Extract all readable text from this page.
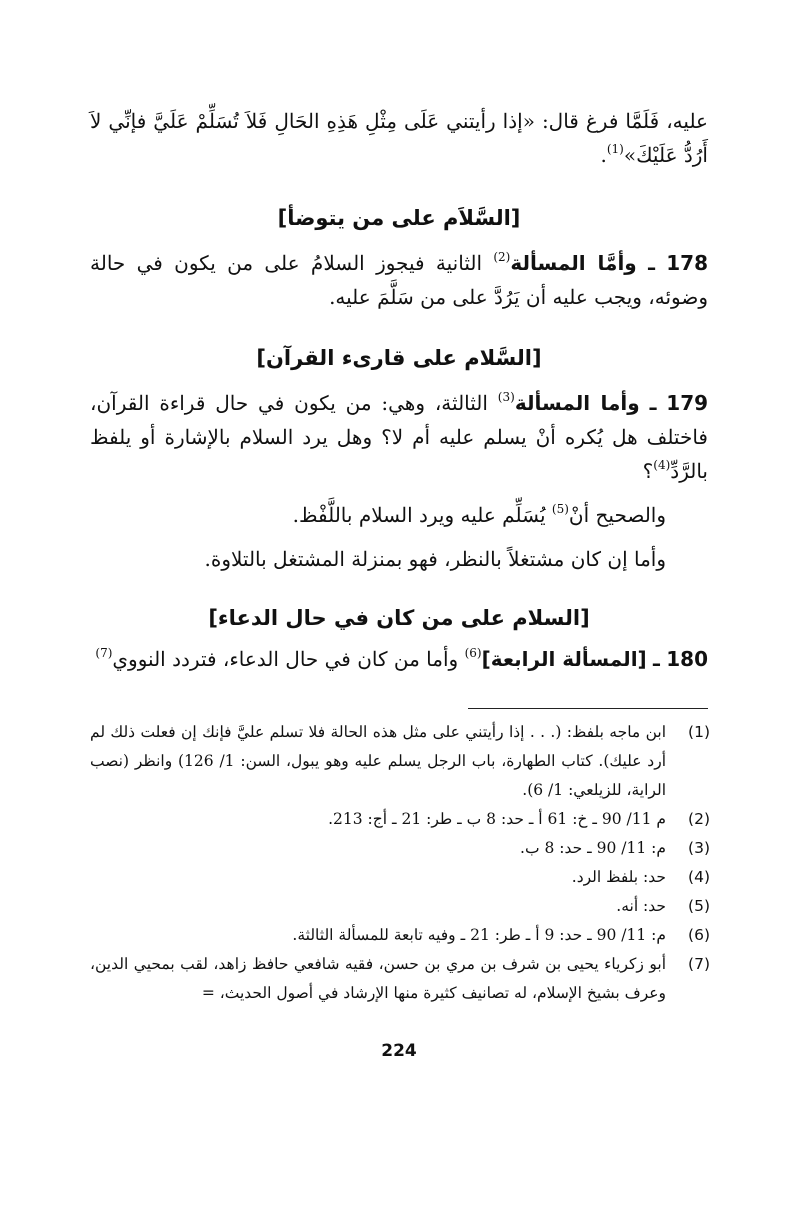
عليه، فَلَمَّا فرغ قال: «إذا رأيتني عَلَى مِثْلِ هَذِهِ الحَالِ فَلاَ تُسَلِّمْ عَلَيَّ فإنِّي لاَ أَرُدُّ عَلَيْكَ»$^{(1)}$.

[السَّلاَم على من يتوضأ]

178 ـ وأمَّا المسألة$^{(2)}$ الثانية فيجوز السلامُ على من يكون في حالة وضوئه، ويجب عليه أن يَرُدَّ على من سَلَّمَ عليه.

[السَّلام على قارىء القرآن]

179 ـ وأما المسألة$^{(3)}$ الثالثة، وهي: من يكون في حال قراءة القرآن، فاختلف هل يُكره أنْ يسلم عليه أم لا؟ وهل يرد السلام بالإشارة أو يلفظ بالرَّدِّ$^{(4)}$؟

والصحيح أنْ$^{(5)}$ يُسَلِّم عليه ويرد السلام باللَّفْظ.

وأما إن كان مشتغلاً بالنظر، فهو بمنزلة المشتغل بالتلاوة.

[السلام على من كان في حال الدعاء]

180 ـ [المسألة الرابعة]$^{(6)}$ وأما من كان في حال الدعاء، فتردد النووي$^{(7)}$

(1)
ابن ماجه بلفظ: (. . . إذا رأيتني على مثل هذه الحالة فلا تسلم عليَّ فإنك إن فعلت ذلك لم أرد عليك). كتاب الطهارة، باب الرجل يسلم عليه وهو يبول، السن: 1/ 126) وانظر (نصب الراية، للزيلعي: 1/ 6).
(2)
م 11/ 90 ـ خ: 61 أ ـ حد: 8 ب ـ طر: 21 ـ أج: 213.
(3)
م: 11/ 90 ـ حد: 8 ب.
(4)
حد: بلفظ الرد.
(5)
حد: أنه.
(6)
م: 11/ 90 ـ حد: 9 أ ـ طر: 21 ـ وفيه تابعة للمسألة الثالثة.
(7)
أبو زكرياء يحيى بن شرف بن مري بن حسن، فقيه شافعي حافظ زاهد، لقب بمحيي الدين، وعرف بشيخ الإسلام، له تصانيف كثيرة منها الإرشاد في أصول الحديث، =
224
